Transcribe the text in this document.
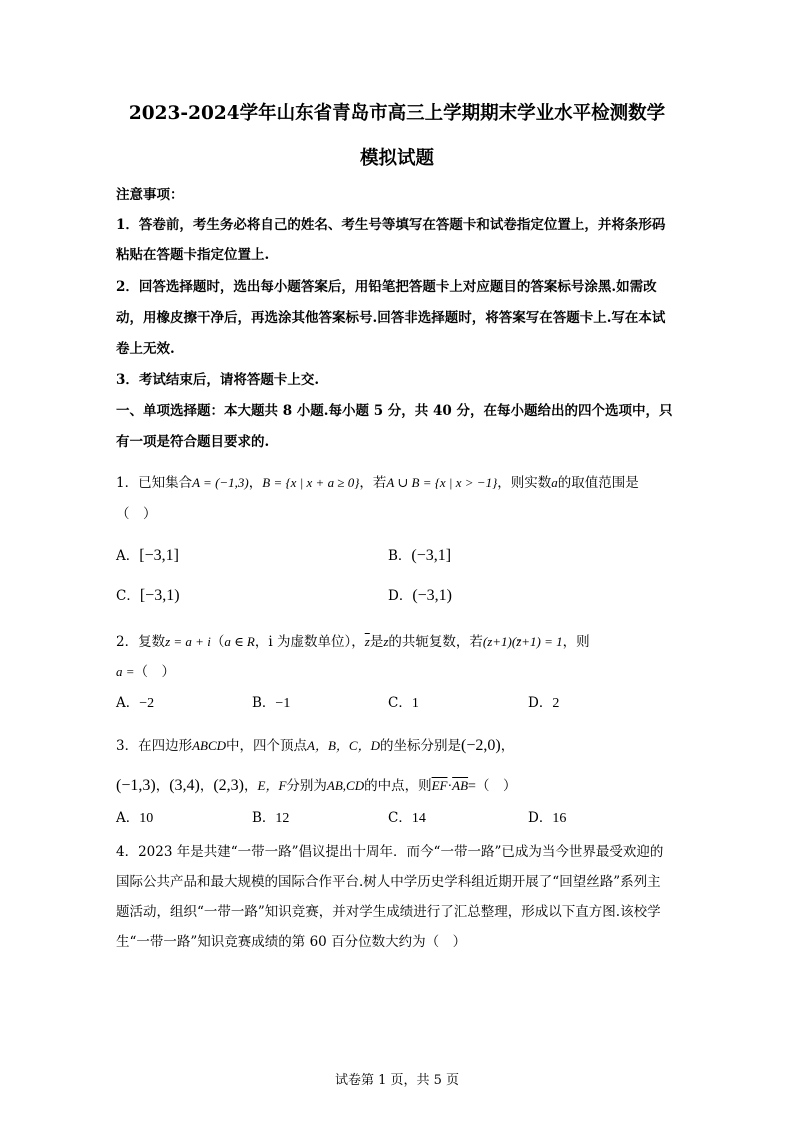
2023-2024学年山东省青岛市高三上学期期末学业水平检测数学
模拟试题
注意事项：
1．答卷前，考生务必将自己的姓名、考生号等填写在答题卡和试卷指定位置上，并将条形码
粘贴在答题卡指定位置上.
2．回答选择题时，选出每小题答案后，用铅笔把答题卡上对应题目的答案标号涂黑.如需改
动，用橡皮擦干净后，再选涂其他答案标号.回答非选择题时，将答案写在答题卡上.写在本试
卷上无效.
3．考试结束后，请将答题卡上交.
一、单项选择题：本大题共 8 小题.每小题 5 分，共 40 分，在每小题给出的四个选项中，只
有一项是符合题目要求的.
1．已知集合A = (−1,3)，B = {x | x + a ≥ 0}，若A ∪ B = {x | x > −1}，则实数a的取值范围是
（　）
A．[−3,1]	B．(−3,1]
C．[−3,1)	D．(−3,1)
2．复数z = a + i（a ∈ R，i 为虚数单位），$\overline{z}$是z的共轭复数，若(z+1)(z̄+1) = 1，则
a =（　）
A．−2	B．−1	C．1	D．2
3．在四边形ABCD中，四个顶点A，B，C，D的坐标分别是(−2,0)，
(−1,3)，(3,4)，(2,3)，E，F分别为AB,CD的中点，则$\overline{EF}\cdot\overline{AB}=$（　）
A．10	B．12	C．14	D．16
4．2023 年是共建“一带一路”倡议提出十周年．而今“一带一路”已成为当今世界最受欢迎的
国际公共产品和最大规模的国际合作平台.树人中学历史学科组近期开展了“回望丝路”系列主
题活动，组织“一带一路”知识竞赛，并对学生成绩进行了汇总整理，形成以下直方图.该校学
生“一带一路”知识竞赛成绩的第 60 百分位数大约为（　）
试卷第 1 页，共 5 页
